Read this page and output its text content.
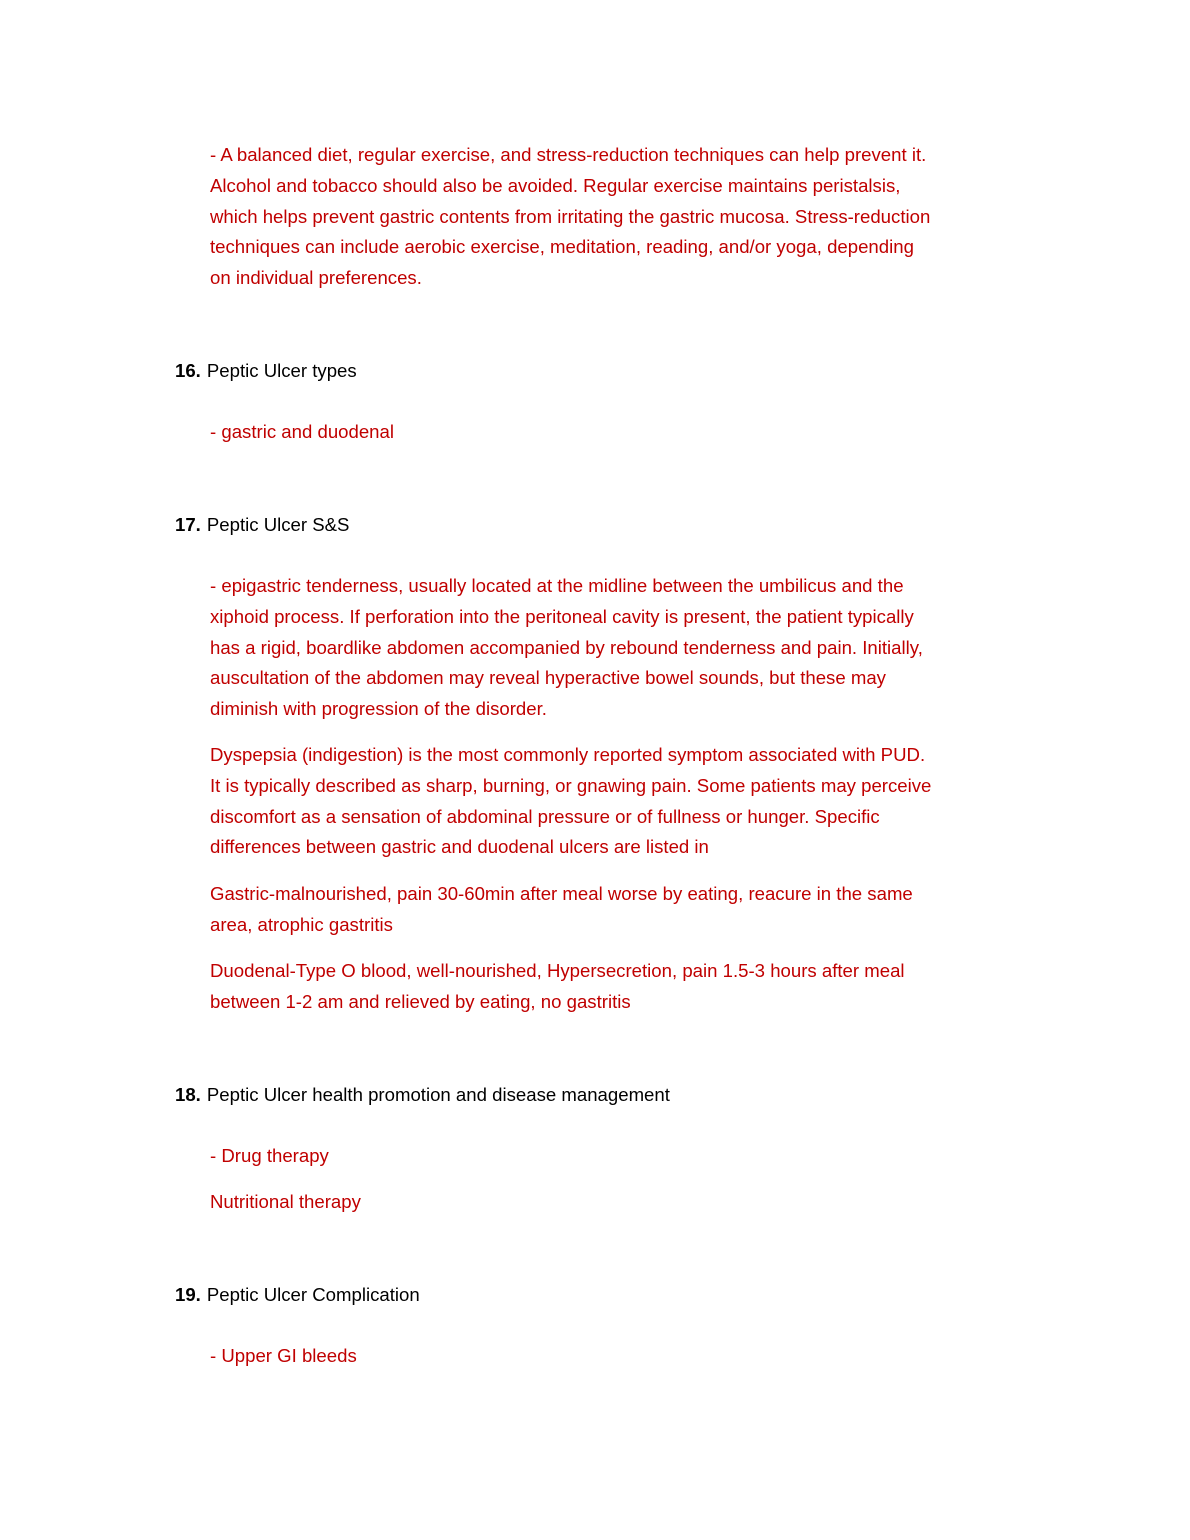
- A balanced diet, regular exercise, and stress-reduction techniques can help prevent it.
Alcohol and tobacco should also be avoided. Regular exercise maintains peristalsis,
which helps prevent gastric contents from irritating the gastric mucosa. Stress-reduction
techniques can include aerobic exercise, meditation, reading, and/or yoga, depending
on individual preferences.
16. Peptic Ulcer types
- gastric and duodenal
17. Peptic Ulcer S&S
- epigastric tenderness, usually located at the midline between the umbilicus and the
xiphoid process. If perforation into the peritoneal cavity is present, the patient typically
has a rigid, boardlike abdomen accompanied by rebound tenderness and pain. Initially,
auscultation of the abdomen may reveal hyperactive bowel sounds, but these may
diminish with progression of the disorder.
Dyspepsia (indigestion) is the most commonly reported symptom associated with PUD.
It is typically described as sharp, burning, or gnawing pain. Some patients may perceive
discomfort as a sensation of abdominal pressure or of fullness or hunger. Specific
differences between gastric and duodenal ulcers are listed in
Gastric-malnourished, pain 30-60min after meal worse by eating, reacure in the same
area, atrophic gastritis
Duodenal-Type O blood, well-nourished, Hypersecretion, pain 1.5-3 hours after meal
between 1-2 am and relieved by eating, no gastritis
18. Peptic Ulcer health promotion and disease management
- Drug therapy
Nutritional therapy
19. Peptic Ulcer Complication
- Upper GI bleeds
